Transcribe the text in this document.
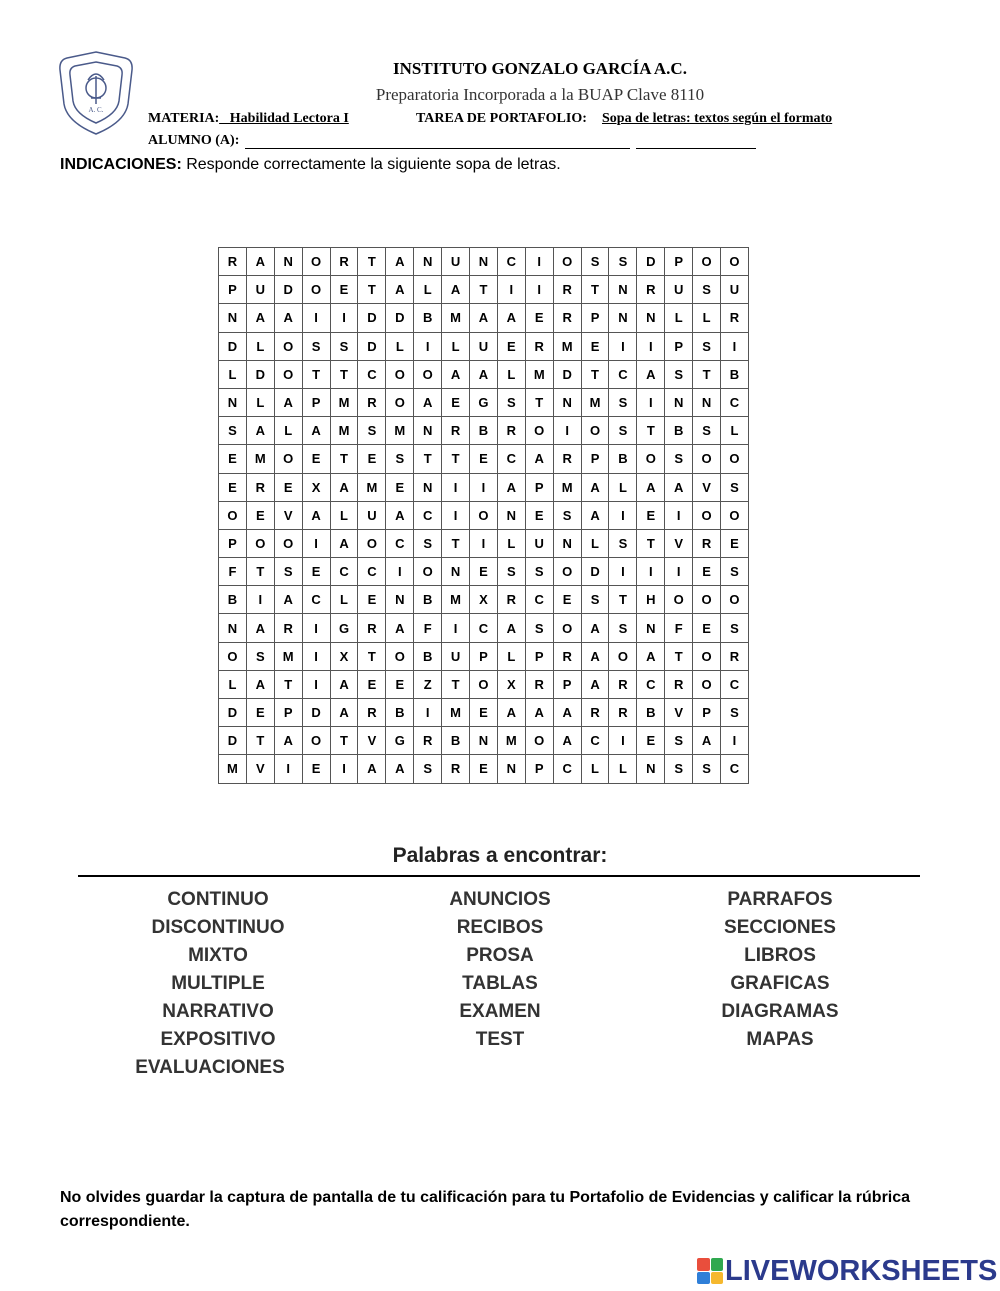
A. C.
INSTITUTO GONZALO GARCÍA A.C.
Preparatoria Incorporada a la BUAP Clave 8110
MATERIA:_ Habilidad Lectora I	TAREA DE PORTAFOLIO: Sopa de letras: textos según el formato
ALUMNO (A):
INDICACIONES: Responde correctamente la siguiente sopa de letras.
R	A	N	O	R	T	A	N	U	N	C	I	O	S	S	D	P	O	O
P	U	D	O	E	T	A	L	A	T	I	I	R	T	N	R	U	S	U
N	A	A	I	I	D	D	B	M	A	A	E	R	P	N	N	L	L	R
D	L	O	S	S	D	L	I	L	U	E	R	M	E	I	I	P	S	I
L	D	O	T	T	C	O	O	A	A	L	M	D	T	C	A	S	T	B
N	L	A	P	M	R	O	A	E	G	S	T	N	M	S	I	N	N	C
S	A	L	A	M	S	M	N	R	B	R	O	I	O	S	T	B	S	L
E	M	O	E	T	E	S	T	T	E	C	A	R	P	B	O	S	O	O
E	R	E	X	A	M	E	N	I	I	A	P	M	A	L	A	A	V	S
O	E	V	A	L	U	A	C	I	O	N	E	S	A	I	E	I	O	O
P	O	O	I	A	O	C	S	T	I	L	U	N	L	S	T	V	R	E
F	T	S	E	C	C	I	O	N	E	S	S	O	D	I	I	I	E	S
B	I	A	C	L	E	N	B	M	X	R	C	E	S	T	H	O	O	O
N	A	R	I	G	R	A	F	I	C	A	S	O	A	S	N	F	E	S
O	S	M	I	X	T	O	B	U	P	L	P	R	A	O	A	T	O	R
L	A	T	I	A	E	E	Z	T	O	X	R	P	A	R	C	R	O	C
D	E	P	D	A	R	B	I	M	E	A	A	A	R	R	B	V	P	S
D	T	A	O	T	V	G	R	B	N	M	O	A	C	I	E	S	A	I
M	V	I	E	I	A	A	S	R	E	N	P	C	L	L	N	S	S	C
Palabras a encontrar:
CONTINUO
DISCONTINUO
MIXTO
MULTIPLE
NARRATIVO
EXPOSITIVO
EVALUACIONES
ANUNCIOS
RECIBOS
PROSA
TABLAS
EXAMEN
TEST
PARRAFOS
SECCIONES
LIBROS
GRAFICAS
DIAGRAMAS
MAPAS
No olvides guardar la captura de pantalla de tu calificación para tu Portafolio de Evidencias y calificar la rúbrica correspondiente.
LIVEWORKSHEETS
